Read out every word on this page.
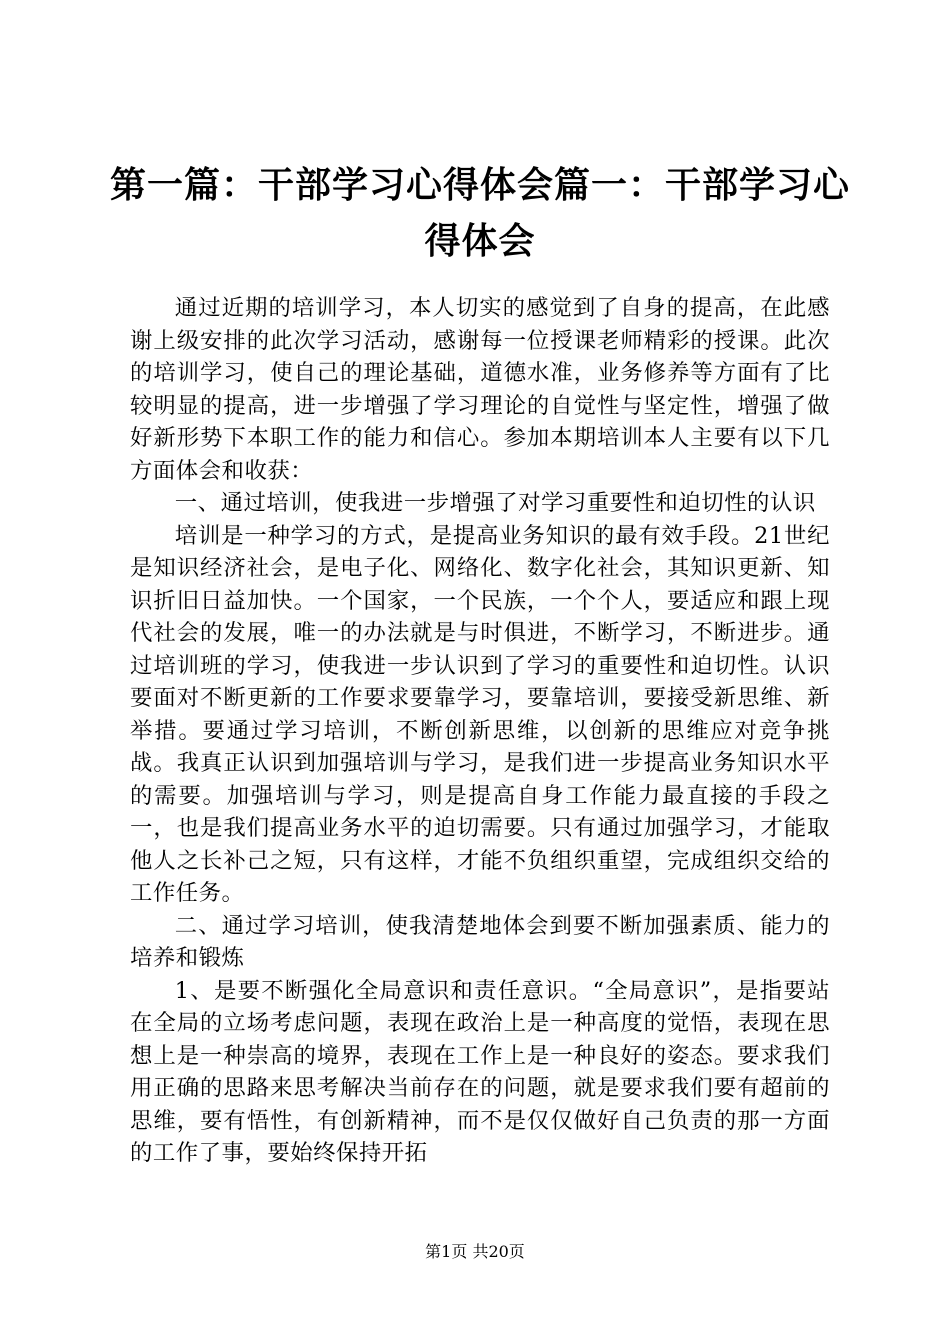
第一篇：干部学习心得体会篇一：干部学习心得体会

通过近期的培训学习，本人切实的感觉到了自身的提高，在此感谢上级安排的此次学习活动，感谢每一位授课老师精彩的授课。此次的培训学习，使自己的理论基础，道德水准，业务修养等方面有了比较明显的提高，进一步增强了学习理论的自觉性与坚定性，增强了做好新形势下本职工作的能力和信心。参加本期培训本人主要有以下几方面体会和收获：

一、通过培训，使我进一步增强了对学习重要性和迫切性的认识

培训是一种学习的方式，是提高业务知识的最有效手段。21世纪是知识经济社会，是电子化、网络化、数字化社会，其知识更新、知识折旧日益加快。一个国家，一个民族，一个个人，要适应和跟上现代社会的发展，唯一的办法就是与时俱进，不断学习，不断进步。通过培训班的学习，使我进一步认识到了学习的重要性和迫切性。认识要面对不断更新的工作要求要靠学习，要靠培训，要接受新思维、新举措。要通过学习培训，不断创新思维，以创新的思维应对竞争挑战。我真正认识到加强培训与学习，是我们进一步提高业务知识水平的需要。加强培训与学习，则是提高自身工作能力最直接的手段之一，也是我们提高业务水平的迫切需要。只有通过加强学习，才能取他人之长补己之短，只有这样，才能不负组织重望，完成组织交给的工作任务。

二、通过学习培训，使我清楚地体会到要不断加强素质、能力的培养和锻炼

1、是要不断强化全局意识和责任意识。“全局意识”，是指要站在全局的立场考虑问题，表现在政治上是一种高度的觉悟，表现在思想上是一种崇高的境界，表现在工作上是一种良好的姿态。要求我们用正确的思路来思考解决当前存在的问题，就是要求我们要有超前的思维，要有悟性，有创新精神，而不是仅仅做好自己负责的那一方面的工作了事，要始终保持开拓

第1页 共20页
